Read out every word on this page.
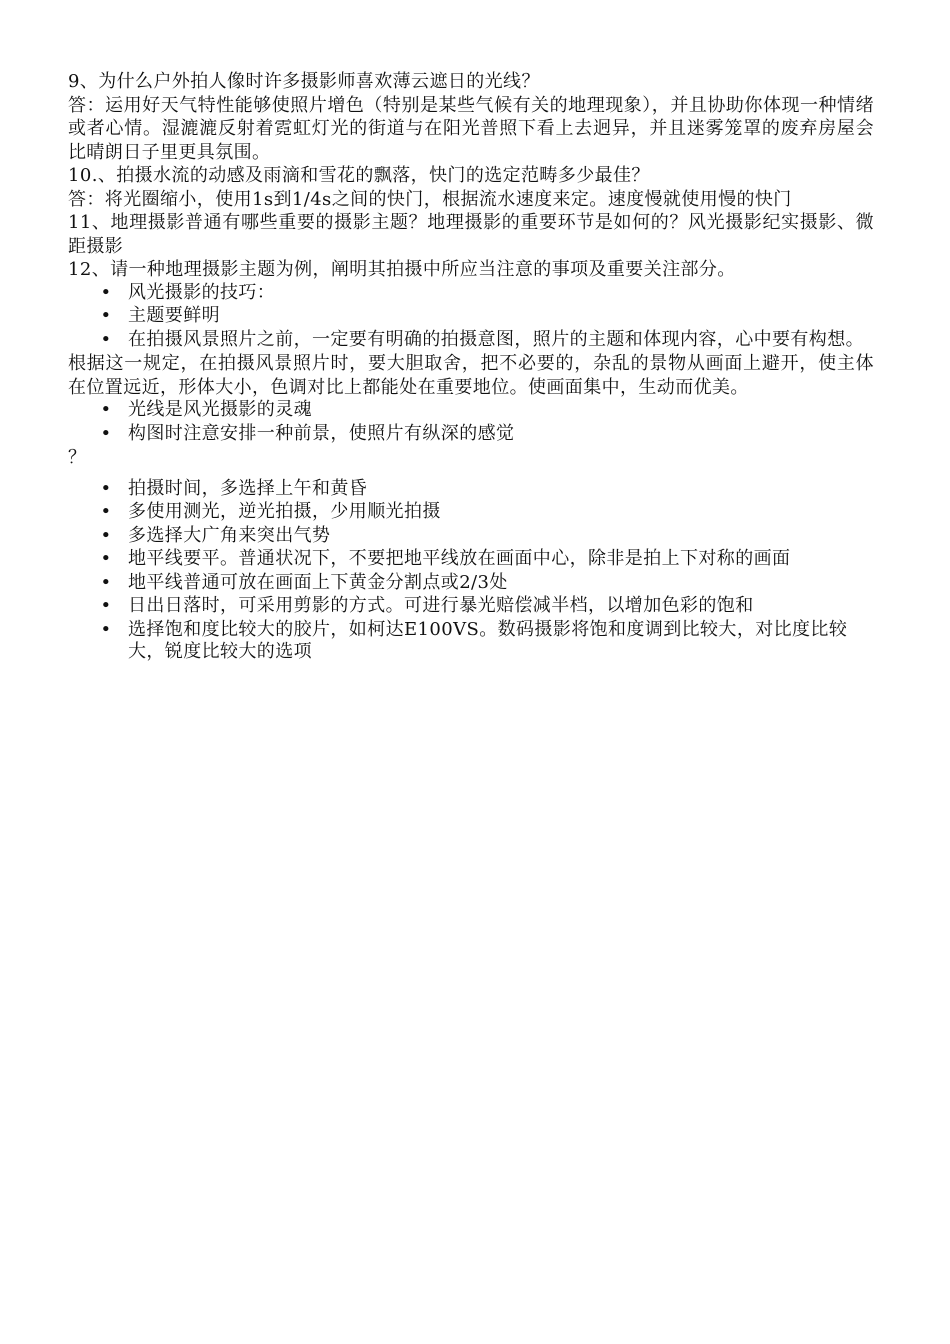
9、为什么户外拍人像时许多摄影师喜欢薄云遮日的光线？

答：运用好天气特性能够使照片增色（特别是某些气候有关的地理现象），并且协助你体现一种情绪或者心情。湿漉漉反射着霓虹灯光的街道与在阳光普照下看上去迥异，并且迷雾笼罩的废弃房屋会比晴朗日子里更具氛围。

10.、拍摄水流的动感及雨滴和雪花的飘落，快门的选定范畴多少最佳？

答：将光圈缩小，使用1s到1/4s之间的快门，根据流水速度来定。速度慢就使用慢的快门

11、地理摄影普通有哪些重要的摄影主题？地理摄影的重要环节是如何的？风光摄影纪实摄影、微距摄影

12、请一种地理摄影主题为例，阐明其拍摄中所应当注意的事项及重要关注部分。

• 风光摄影的技巧：
• 主题要鲜明
• 在拍摄风景照片之前，一定要有明确的拍摄意图，照片的主题和体现内容，心中要有构想。

根据这一规定，在拍摄风景照片时，要大胆取舍，把不必要的，杂乱的景物从画面上避开，使主体在位置远近，形体大小，色调对比上都能处在重要地位。使画面集中，生动而优美。

• 光线是风光摄影的灵魂
• 构图时注意安排一种前景，使照片有纵深的感觉

？

• 拍摄时间，多选择上午和黄昏
• 多使用测光，逆光拍摄，少用顺光拍摄
• 多选择大广角来突出气势
• 地平线要平。普通状况下，不要把地平线放在画面中心，除非是拍上下对称的画面
• 地平线普通可放在画面上下黄金分割点或2/3处
• 日出日落时，可采用剪影的方式。可进行暴光赔偿减半档，以增加色彩的饱和
• 选择饱和度比较大的胶片，如柯达E100VS。数码摄影将饱和度调到比较大，对比度比较大，锐度比较大的选项
